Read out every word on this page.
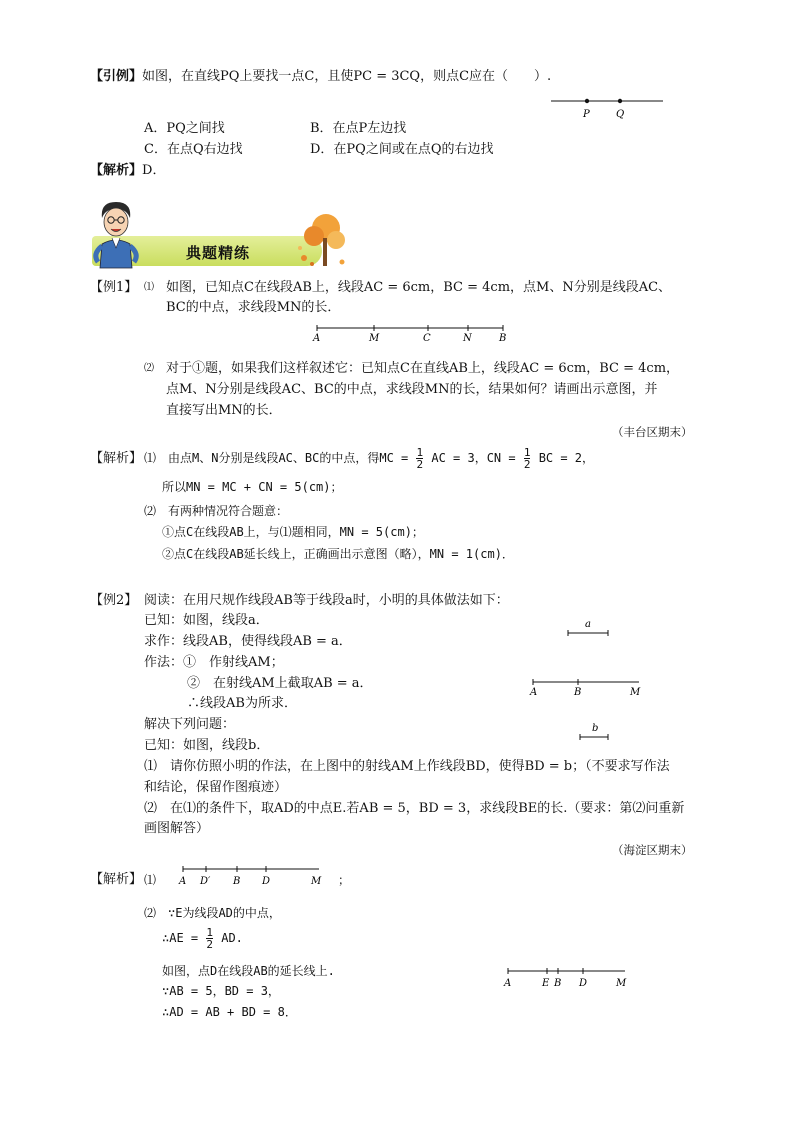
【引例】如图，在直线PQ上要找一点C，且使PC = 3CQ，则点C应在（　　）.
P	Q
A．PQ之间找	B．在点P左边找
C．在点Q右边找	D．在PQ之间或在点Q的右边找
【解析】D．
典题精练
【例1】 ⑴ 如图，已知点C在线段AB上，线段AC = 6cm，BC = 4cm，点M、N分别是线段AC、
BC的中点，求线段MN的长．
A	M	C	N	B
⑵ 对于①题，如果我们这样叙述它：已知点C在直线AB上，线段AC = 6cm，BC = 4cm，
点M、N分别是线段AC、BC的中点，求线段MN的长，结果如何？请画出示意图，并
直接写出MN的长．
（丰台区期末）
【解析】 ⑴　由点M、N分别是线段AC、BC的中点，得MC = $\frac{1}{2}$ AC = 3，CN = $\frac{1}{2}$ BC = 2，
所以MN = MC + CN = 5(cm)；
⑵　有两种情况符合题意：
①点C在线段AB上，与⑴题相同，MN = 5(cm)；
②点C在线段AB延长线上，正确画出示意图（略），MN = 1(cm)．
【例2】 阅读：在用尺规作线段AB等于线段a时，小明的具体做法如下：
已知：如图，线段a．
求作：线段AB，使得线段AB = a．
作法：①　作射线AM；
②　在射线AM上截取AB = a．
∴线段AB为所求．
解决下列问题：
已知：如图，线段b．
⑴　请你仿照小明的作法，在上图中的射线AM上作线段BD，使得BD = b；（不要求写作法
和结论，保留作图痕迹）
⑵　在⑴的条件下，取AD的中点E.若AB = 5，BD = 3，求线段BE的长.（要求：第⑵问重新
画图解答）
（海淀区期末）
a
A	B	M
b
【解析】 ⑴ A D′ B D	M ；
⑵　∵E为线段AD的中点，
∴AE = $\frac{1}{2}$ AD.
如图，点D在线段AB的延长线上.
∵AB = 5，BD = 3，
∴AD = AB + BD = 8．
A	E B D	M
